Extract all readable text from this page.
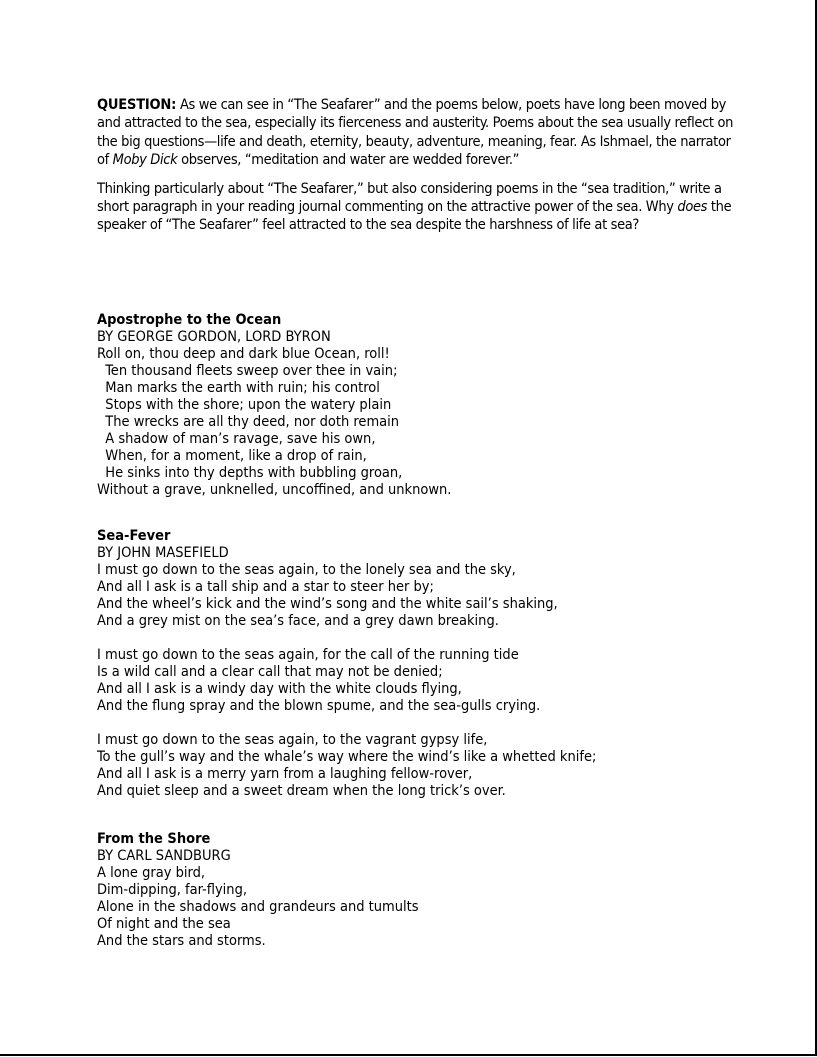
QUESTION: As we can see in “The Seafarer” and the poems below, poets have long been moved by and attracted to the sea, especially its fierceness and austerity. Poems about the sea usually reflect on the big questions—life and death, eternity, beauty, adventure, meaning, fear. As Ishmael, the narrator of Moby Dick observes, “meditation and water are wedded forever.”

Thinking particularly about “The Seafarer,” but also considering poems in the “sea tradition,” write a short paragraph in your reading journal commenting on the attractive power of the sea. Why does the speaker of “The Seafarer” feel attracted to the sea despite the harshness of life at sea?

Apostrophe to the Ocean
BY GEORGE GORDON, LORD BYRON
Roll on, thou deep and dark blue Ocean, roll!
Ten thousand fleets sweep over thee in vain;
Man marks the earth with ruin; his control
Stops with the shore; upon the watery plain
The wrecks are all thy deed, nor doth remain
A shadow of man’s ravage, save his own,
When, for a moment, like a drop of rain,
He sinks into thy depths with bubbling groan,
Without a grave, unknelled, uncoffined, and unknown.
Sea-Fever
BY JOHN MASEFIELD
I must go down to the seas again, to the lonely sea and the sky,
And all I ask is a tall ship and a star to steer her by;
And the wheel’s kick and the wind’s song and the white sail’s shaking,
And a grey mist on the sea’s face, and a grey dawn breaking.
I must go down to the seas again, for the call of the running tide
Is a wild call and a clear call that may not be denied;
And all I ask is a windy day with the white clouds flying,
And the flung spray and the blown spume, and the sea-gulls crying.
I must go down to the seas again, to the vagrant gypsy life,
To the gull’s way and the whale’s way where the wind’s like a whetted knife;
And all I ask is a merry yarn from a laughing fellow-rover,
And quiet sleep and a sweet dream when the long trick’s over.
From the Shore
BY CARL SANDBURG
A lone gray bird,
Dim-dipping, far-flying,
Alone in the shadows and grandeurs and tumults
Of night and the sea
And the stars and storms.
